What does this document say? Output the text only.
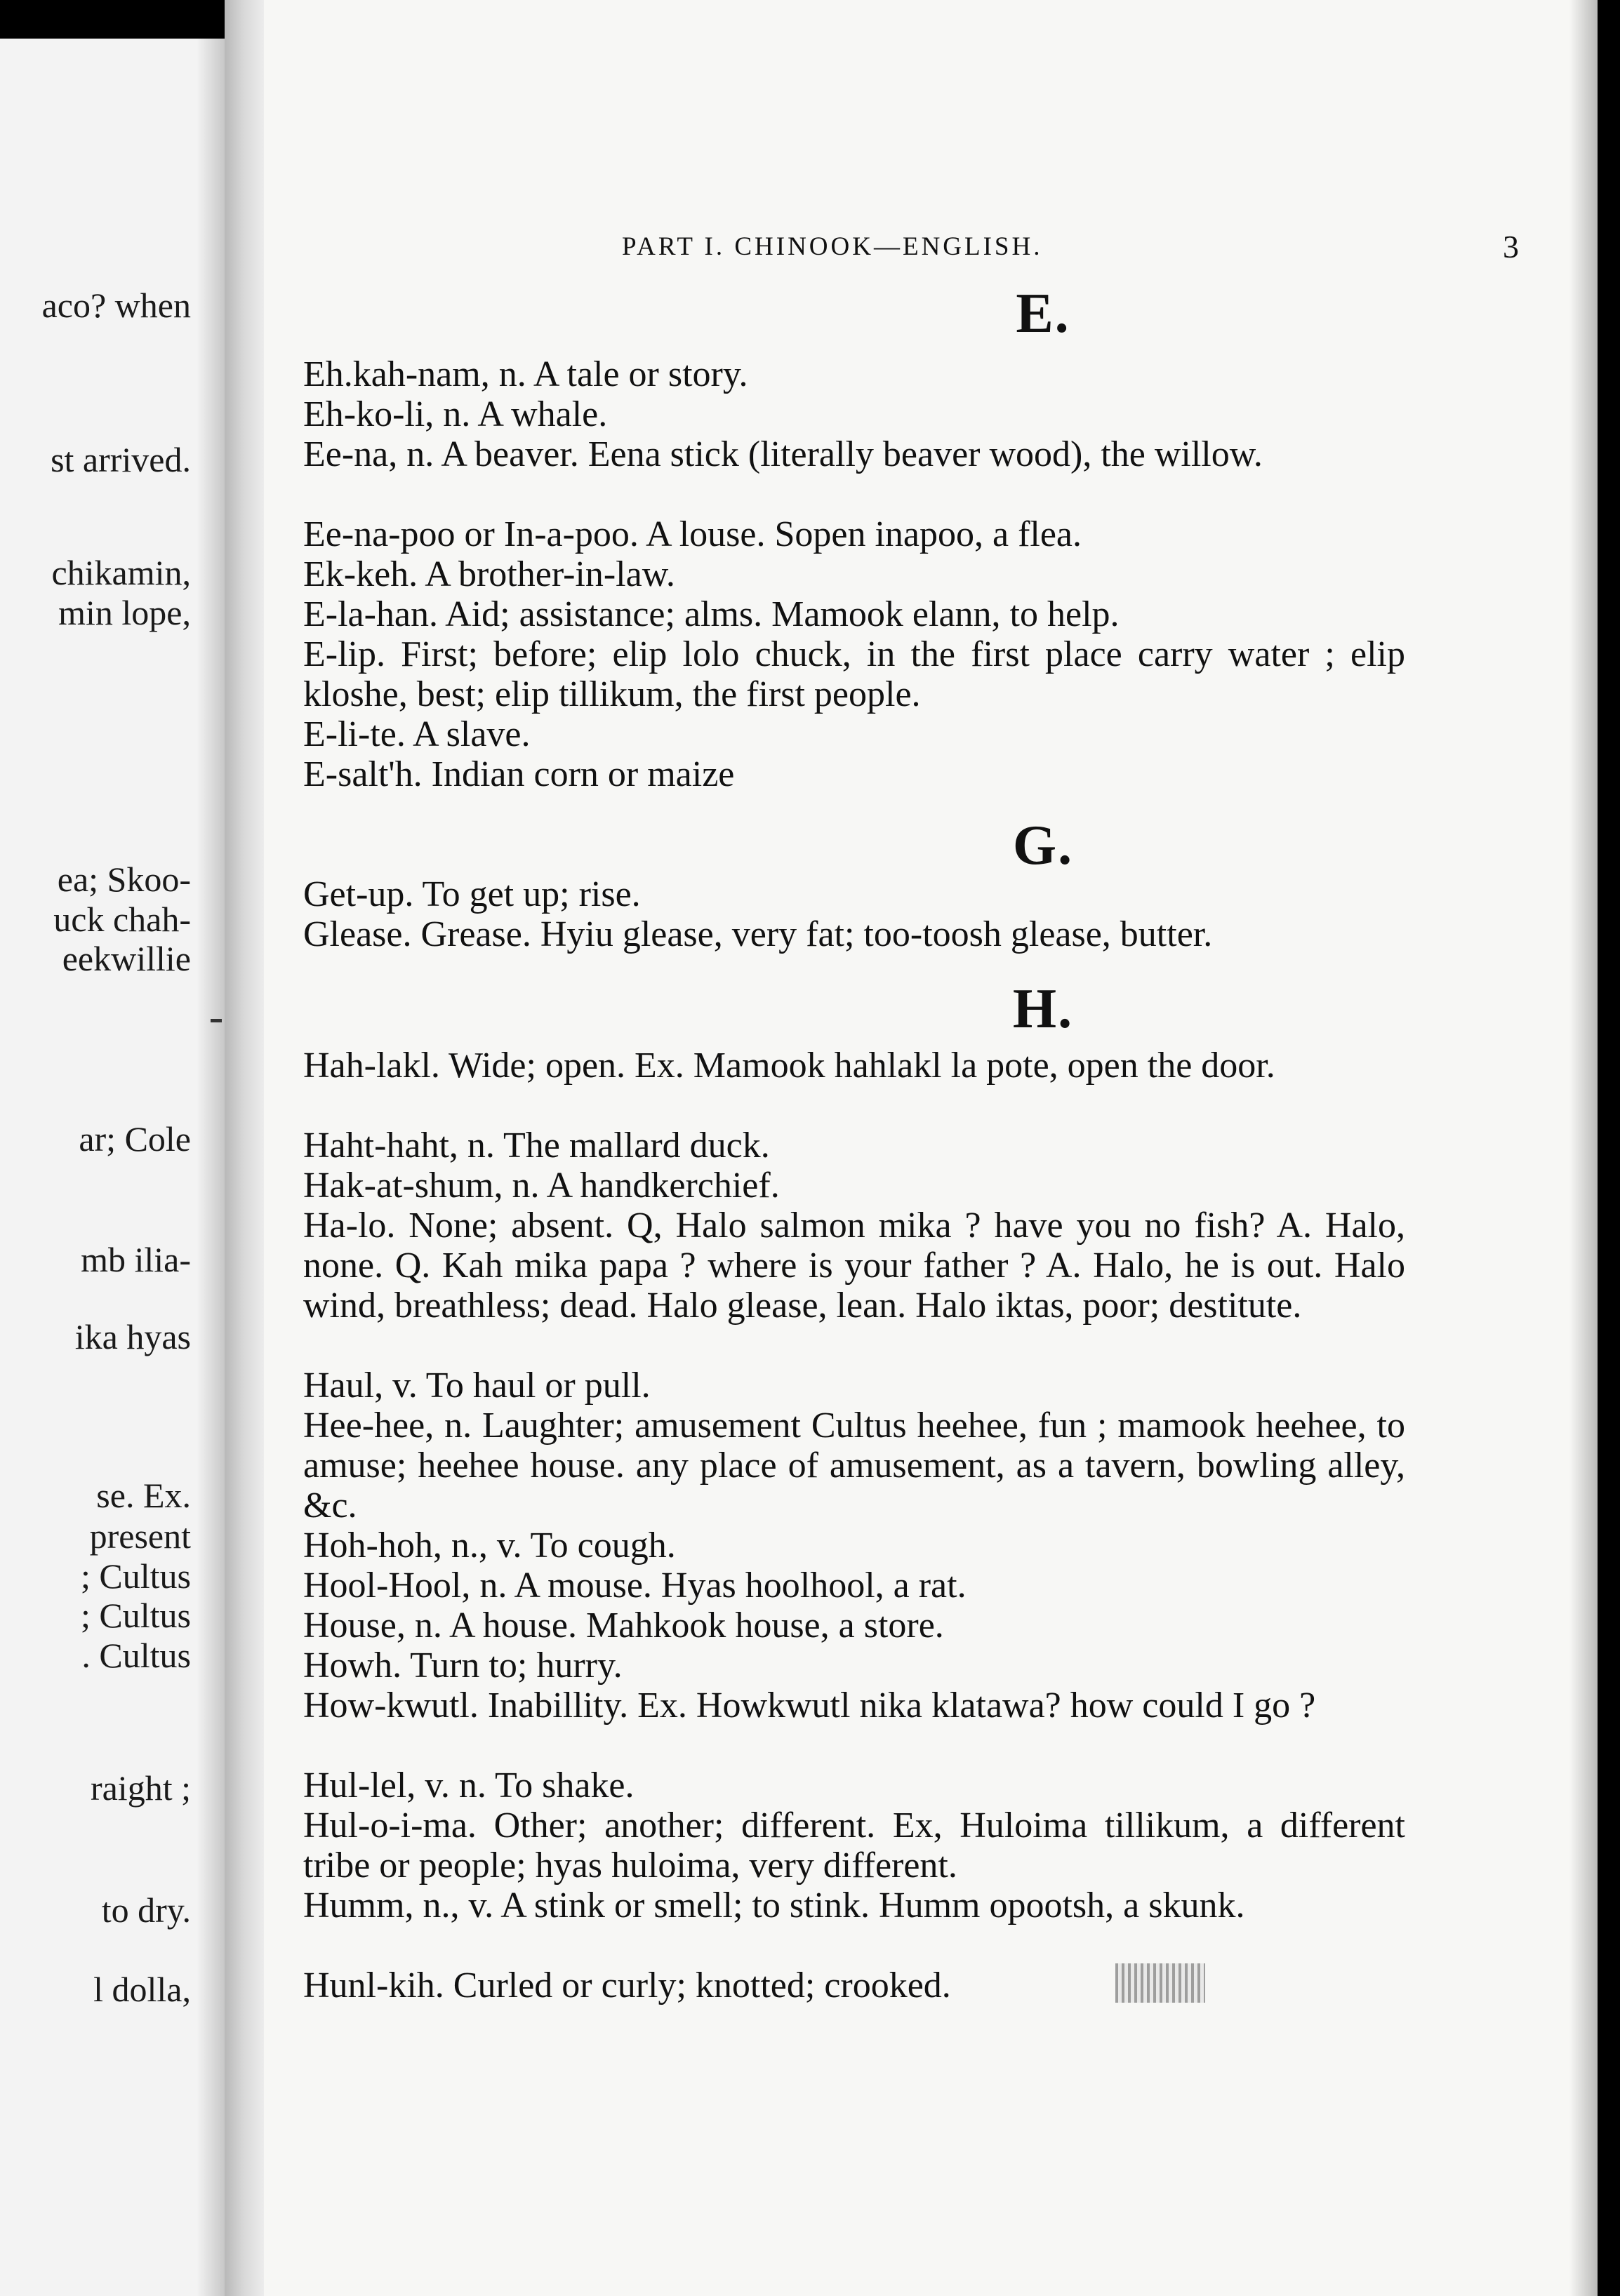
aco? when
st arrived.
chikamin,
min lope,
ea; Skoo-
uck chah-
eekwillie
ar; Cole
mb ilia-
ika hyas
se. Ex.
present
; Cultus
; Cultus
. Cultus
raight ;
to dry.
l dolla,
PART I. CHINOOK—ENGLISH.	3
E.
Eh.kah-nam, n. A tale or story.
Eh-ko-li, n. A whale.
Ee-na, n. A beaver. Eena stick (literally beaver wood), the willow.
Ee-na-poo or In-a-poo. A louse. Sopen inapoo, a flea.
Ek-keh. A brother-in-law.
E-la-han. Aid; assistance; alms. Mamook elann, to help.
E-lip. First; before; elip lolo chuck, in the first place carry water ; elip kloshe, best; elip tillikum, the first people.
E-li-te. A slave.
E-salt'h. Indian corn or maize
G.
Get-up. To get up; rise.
Glease. Grease. Hyiu glease, very fat; too-toosh glease, butter.
H.
Hah-lakl. Wide; open. Ex. Mamook hahlakl la pote, open the door.
Haht-haht, n. The mallard duck.
Hak-at-shum, n. A handkerchief.
Ha-lo. None; absent. Q, Halo salmon mika ? have you no fish? A. Halo, none. Q. Kah mika papa ? where is your father ? A. Halo, he is out. Halo wind, breathless; dead. Halo glease, lean. Halo iktas, poor; destitute.
Haul, v. To haul or pull.
Hee-hee, n. Laughter; amusement Cultus heehee, fun ; mamook heehee, to amuse; heehee house. any place of amusement, as a tavern, bowling alley, &c.
Hoh-hoh, n., v. To cough.
Hool-Hool, n. A mouse. Hyas hoolhool, a rat.
House, n. A house. Mahkook house, a store.
Howh. Turn to; hurry.
How-kwutl. Inabillity. Ex. Howkwutl nika klatawa? how could I go ?
Hul-lel, v. n. To shake.
Hul-o-i-ma. Other; another; different. Ex, Huloima tillikum, a different tribe or people; hyas huloima, very different.
Humm, n., v. A stink or smell; to stink. Humm opootsh, a skunk.
Hunl-kih. Curled or curly; knotted; crooked.
